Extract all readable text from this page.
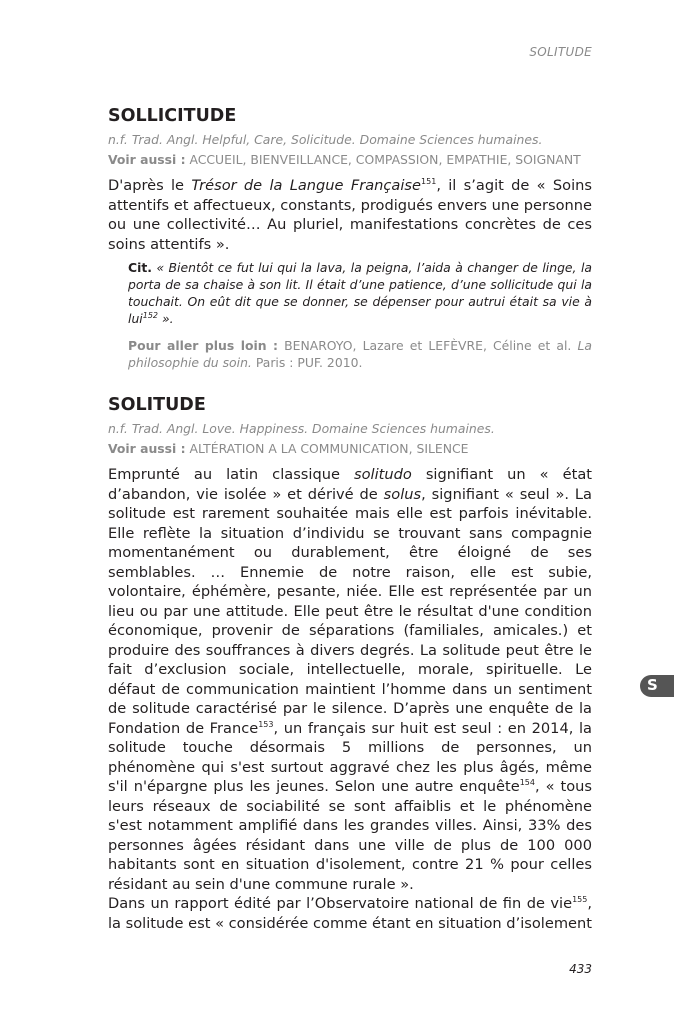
SOLITUDE
SOLLICITUDE
n.f. Trad. Angl. Helpful, Care, Solicitude. Domaine Sciences humaines.
Voir aussi : ACCUEIL, BIENVEILLANCE, COMPASSION, EMPATHIE, SOIGNANT
D'après le Trésor de la Langue Française$^{151}$, il s’agit de « Soins attentifs et affectueux, constants, prodigués envers une personne ou une collectivité… Au pluriel, manifestations concrètes de ces soins attentifs ».
Cit. « Bientôt ce fut lui qui la lava, la peigna, l’aida à changer de linge, la porta de sa chaise à son lit. Il était d’une patience, d’une sollicitude qui la touchait. On eût dit que se donner, se dépenser pour autrui était sa vie à lui$^{152}$ ».
Pour aller plus loin : BENAROYO, Lazare et LEFÈVRE, Céline et al. La philosophie du soin. Paris : PUF. 2010.
SOLITUDE
n.f. Trad. Angl. Love. Happiness. Domaine Sciences humaines.
Voir aussi : ALTÉRATION A LA COMMUNICATION, SILENCE
Emprunté au latin classique solitudo signifiant un « état d’abandon, vie isolée » et dérivé de solus, signifiant « seul ». La solitude est rarement souhaitée mais elle est parfois inévitable. Elle reflète la situation d’individu se trouvant sans compagnie momentanément ou durablement, être éloigné de ses semblables. … Ennemie de notre raison, elle est subie, volontaire, éphémère, pesante, niée. Elle est représentée par un lieu ou par une attitude. Elle peut être le résultat d'une condition économique, provenir de séparations (familiales, amicales.) et produire des souffrances à divers degrés. La solitude peut être le fait d’exclusion sociale, intellectuelle, morale, spirituelle. Le défaut de communication maintient l’homme dans un sentiment de solitude caractérisé par le silence. D’après une enquête de la Fondation de France$^{153}$, un français sur huit est seul : en 2014, la solitude touche désormais 5 millions de personnes, un phénomène qui s'est surtout aggravé chez les plus âgés, même s'il n'épargne plus les jeunes. Selon une autre enquête$^{154}$, « tous leurs réseaux de sociabilité se sont affaiblis et le phénomène s'est notamment amplifié dans les grandes villes. Ainsi, 33% des personnes âgées résidant dans une ville de plus de 100 000 habitants sont en situation d'isolement, contre 21 % pour celles résidant au sein d'une commune rurale ».
Dans un rapport édité par l’Observatoire national de fin de vie$^{155}$, la solitude est « considérée comme étant en situation d’isolement
S
433
